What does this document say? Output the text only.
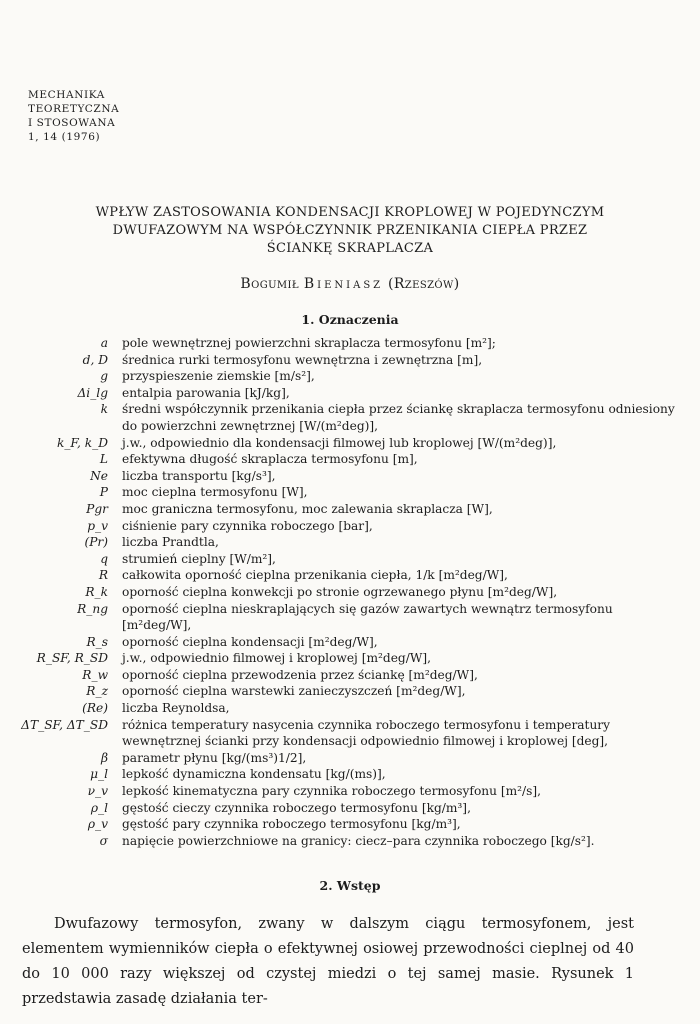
MECHANIKA
TEORETYCZNA
I STOSOWANA
1, 14 (1976)
WPŁYW ZASTOSOWANIA KONDENSACJI KROPLOWEJ W POJEDYNCZYM
DWUFAZOWYM NA WSPÓŁCZYNNIK PRZENIKANIA CIEPŁA PRZEZ
ŚCIANKĘ SKRAPLACZA
Bogumił Bieniasz (Rzeszów)
1. Oznaczenia
a	pole wewnętrznej powierzchni skraplacza termosyfonu [m²];
d, D	średnica rurki termosyfonu wewnętrzna i zewnętrzna [m],
g	przyspieszenie ziemskie [m/s²],
Δi_lg	entalpia parowania [kJ/kg],
k	średni współczynnik przenikania ciepła przez ściankę skraplacza termosyfonu odniesiony do powierzchni zewnętrznej [W/(m²deg)],
k_F, k_D	j.w., odpowiednio dla kondensacji filmowej lub kroplowej [W/(m²deg)],
L	efektywna długość skraplacza termosyfonu [m],
Ne	liczba transportu [kg/s³],
P	moc cieplna termosyfonu [W],
Pgr	moc graniczna termosyfonu, moc zalewania skraplacza [W],
p_v	ciśnienie pary czynnika roboczego [bar],
(Pr)	liczba Prandtla,
q	strumień cieplny [W/m²],
R	całkowita oporność cieplna przenikania ciepła, 1/k [m²deg/W],
R_k	oporność cieplna konwekcji po stronie ogrzewanego płynu [m²deg/W],
R_ng	oporność cieplna nieskraplających się gazów zawartych wewnątrz termosyfonu [m²deg/W],
R_s	oporność cieplna kondensacji [m²deg/W],
R_SF, R_SD	j.w., odpowiednio filmowej i kroplowej [m²deg/W],
R_w	oporność cieplna przewodzenia przez ściankę [m²deg/W],
R_z	oporność cieplna warstewki zanieczyszczeń [m²deg/W],
(Re)	liczba Reynoldsa,
ΔT_SF, ΔT_SD	różnica temperatury nasycenia czynnika roboczego termosyfonu i temperatury wewnętrznej ścianki przy kondensacji odpowiednio filmowej i kroplowej [deg],
β	parametr płynu [kg/(ms³)1/2],
μ_l	lepkość dynamiczna kondensatu [kg/(ms)],
ν_v	lepkość kinematyczna pary czynnika roboczego termosyfonu [m²/s],
ρ_l	gęstość cieczy czynnika roboczego termosyfonu [kg/m³],
ρ_v	gęstość pary czynnika roboczego termosyfonu [kg/m³],
σ	napięcie powierzchniowe na granicy: ciecz–para czynnika roboczego [kg/s²].
2. Wstęp
Dwufazowy termosyfon, zwany w dalszym ciągu termosyfonem, jest elementem wymienników ciepła o efektywnej osiowej przewodności cieplnej od 40 do 10 000 razy większej od czystej miedzi o tej samej masie. Rysunek 1 przedstawia zasadę działania ter-
